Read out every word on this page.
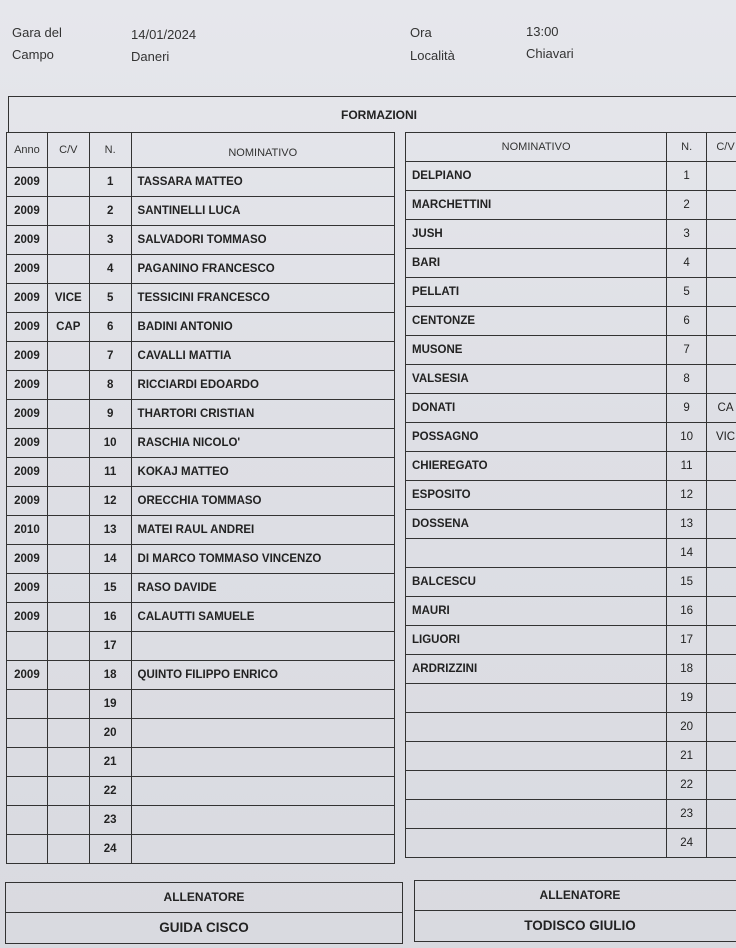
Gara del	14/01/2024
Campo	Daneri
Ora	13:00
Località	Chiavari
FORMAZIONI
Anno	C/V	N.	NOMINATIVO
2009		1	TASSARA MATTEO
2009		2	SANTINELLI LUCA
2009		3	SALVADORI TOMMASO
2009		4	PAGANINO FRANCESCO
2009	VICE	5	TESSICINI FRANCESCO
2009	CAP	6	BADINI ANTONIO
2009		7	CAVALLI MATTIA
2009		8	RICCIARDI EDOARDO
2009		9	THARTORI CRISTIAN
2009		10	RASCHIA NICOLO'
2009		11	KOKAJ MATTEO
2009		12	ORECCHIA TOMMASO
2010		13	MATEI RAUL ANDREI
2009		14	DI MARCO TOMMASO VINCENZO
2009		15	RASO DAVIDE
2009		16	CALAUTTI SAMUELE
		17	
2009		18	QUINTO FILIPPO ENRICO
		19	
		20	
		21	
		22	
		23	
		24	
NOMINATIVO	N.	C/V
DELPIANO	1	
MARCHETTINI	2	
JUSH	3	
BARI	4	
PELLATI	5	
CENTONZE	6	
MUSONE	7	
VALSESIA	8	
DONATI	9	CA
POSSAGNO	10	VIC
CHIEREGATO	11	
ESPOSITO	12	
DOSSENA	13	
	14	
BALCESCU	15	
MAURI	16	
LIGUORI	17	
ARDRIZZINI	18	
	19	
	20	
	21	
	22	
	23	
	24	
ALLENATORE
GUIDA CISCO
ALLENATORE
TODISCO GIULIO
